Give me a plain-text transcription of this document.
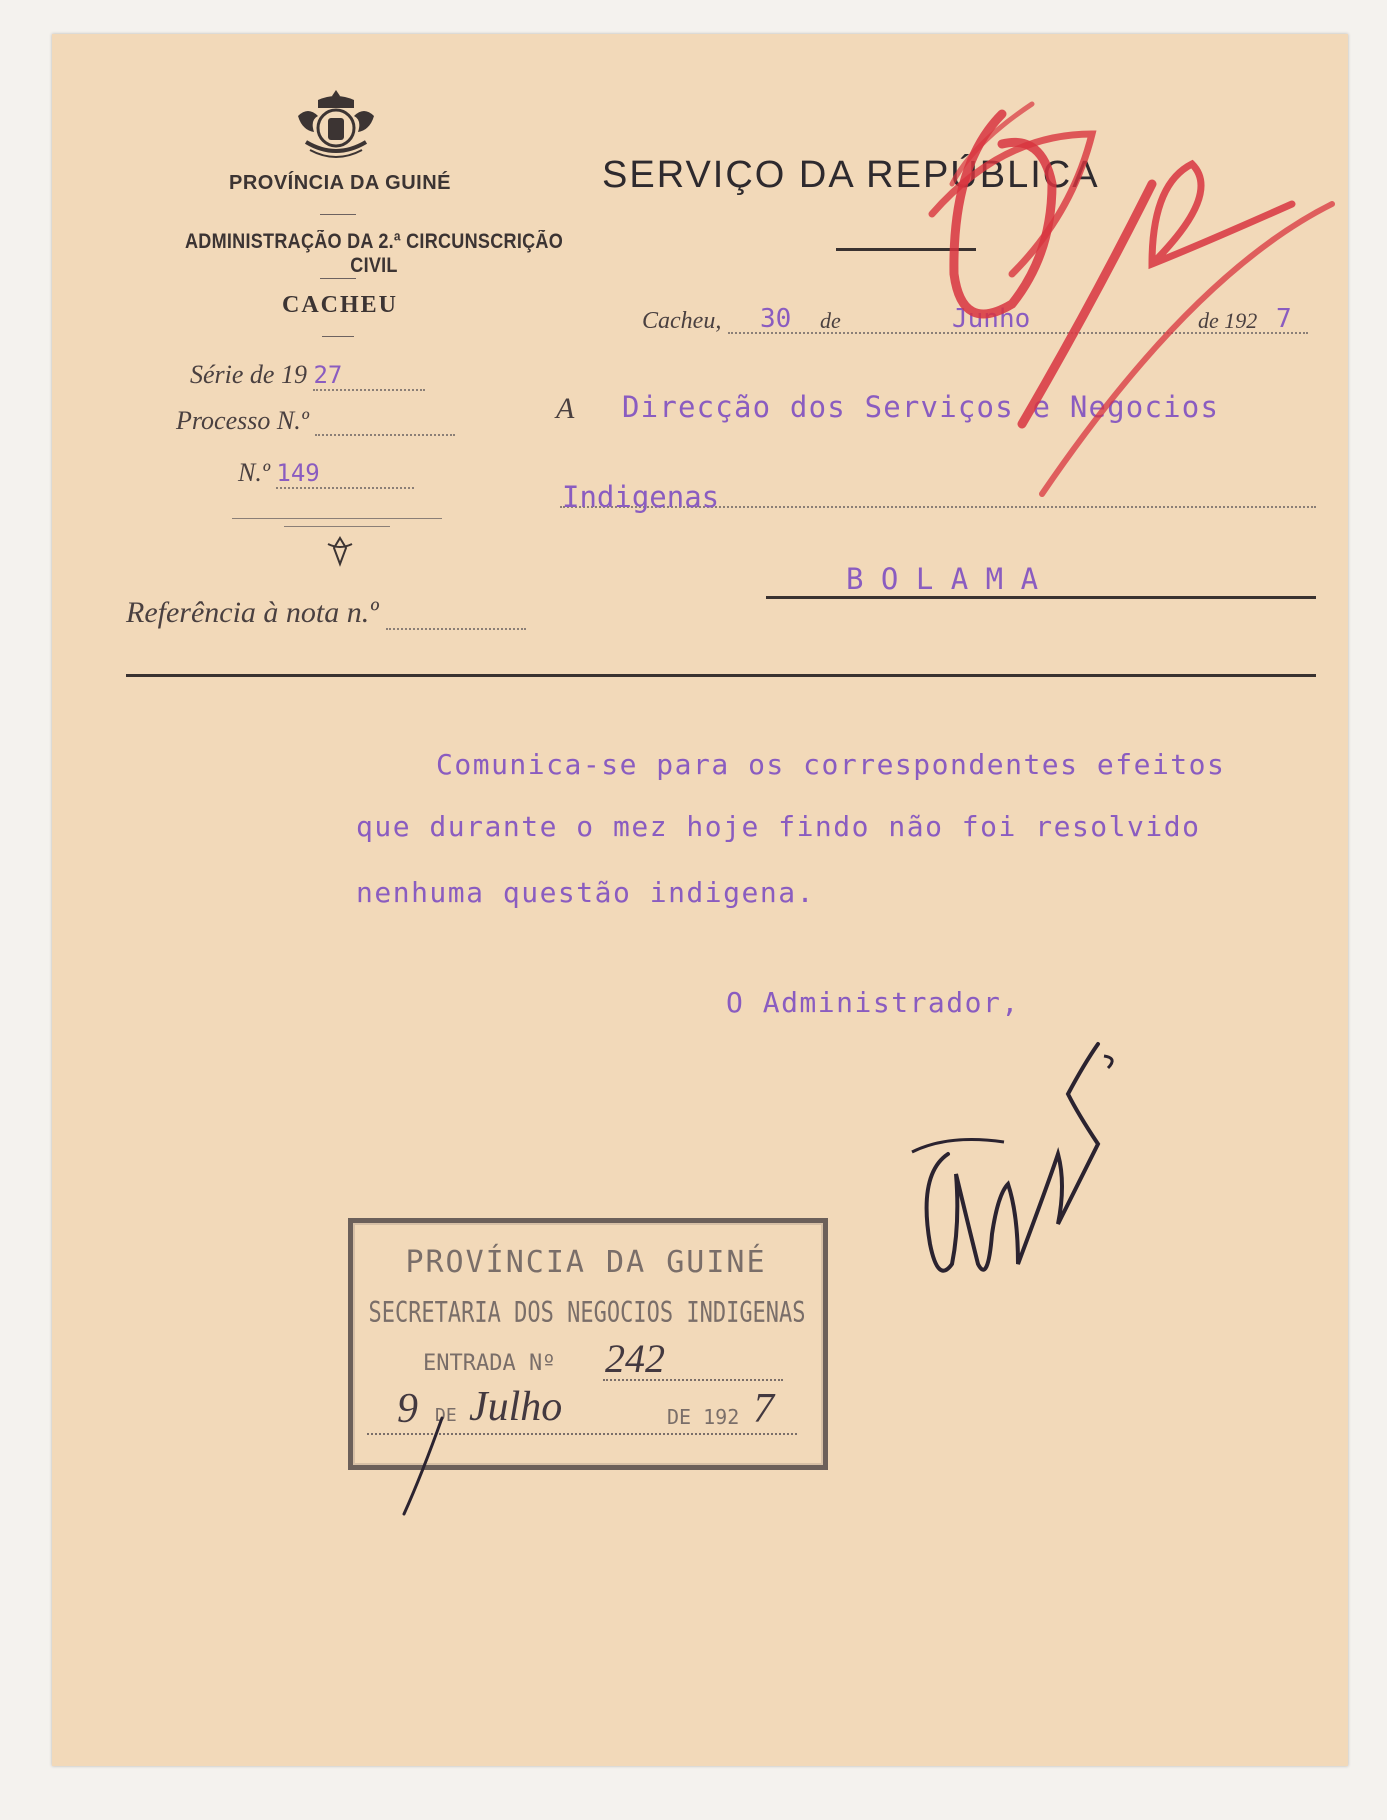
PROVÍNCIA DA GUINÉ
ADMINISTRAÇÃO DA 2.ª CIRCUNSCRIÇÃO CIVIL
CACHEU
Série de 19 27
Processo N.º
N.º 149
Referência à nota n.º
SERVIÇO DA REPÚBLICA
Cacheu, 30 de	Junho	de 192 7
A Direcção dos Serviços e Negocios
Indigenas
B O L A M A
Comunica-se para os correspondentes efeitos
que durante o mez hoje findo não foi resolvido
nenhuma questão indigena.
O Administrador,
PROVÍNCIA DA GUINÉ
SECRETARIA DOS NEGOCIOS INDIGENAS
ENTRADA Nº 242
9 DE Julho	DE 192 7
